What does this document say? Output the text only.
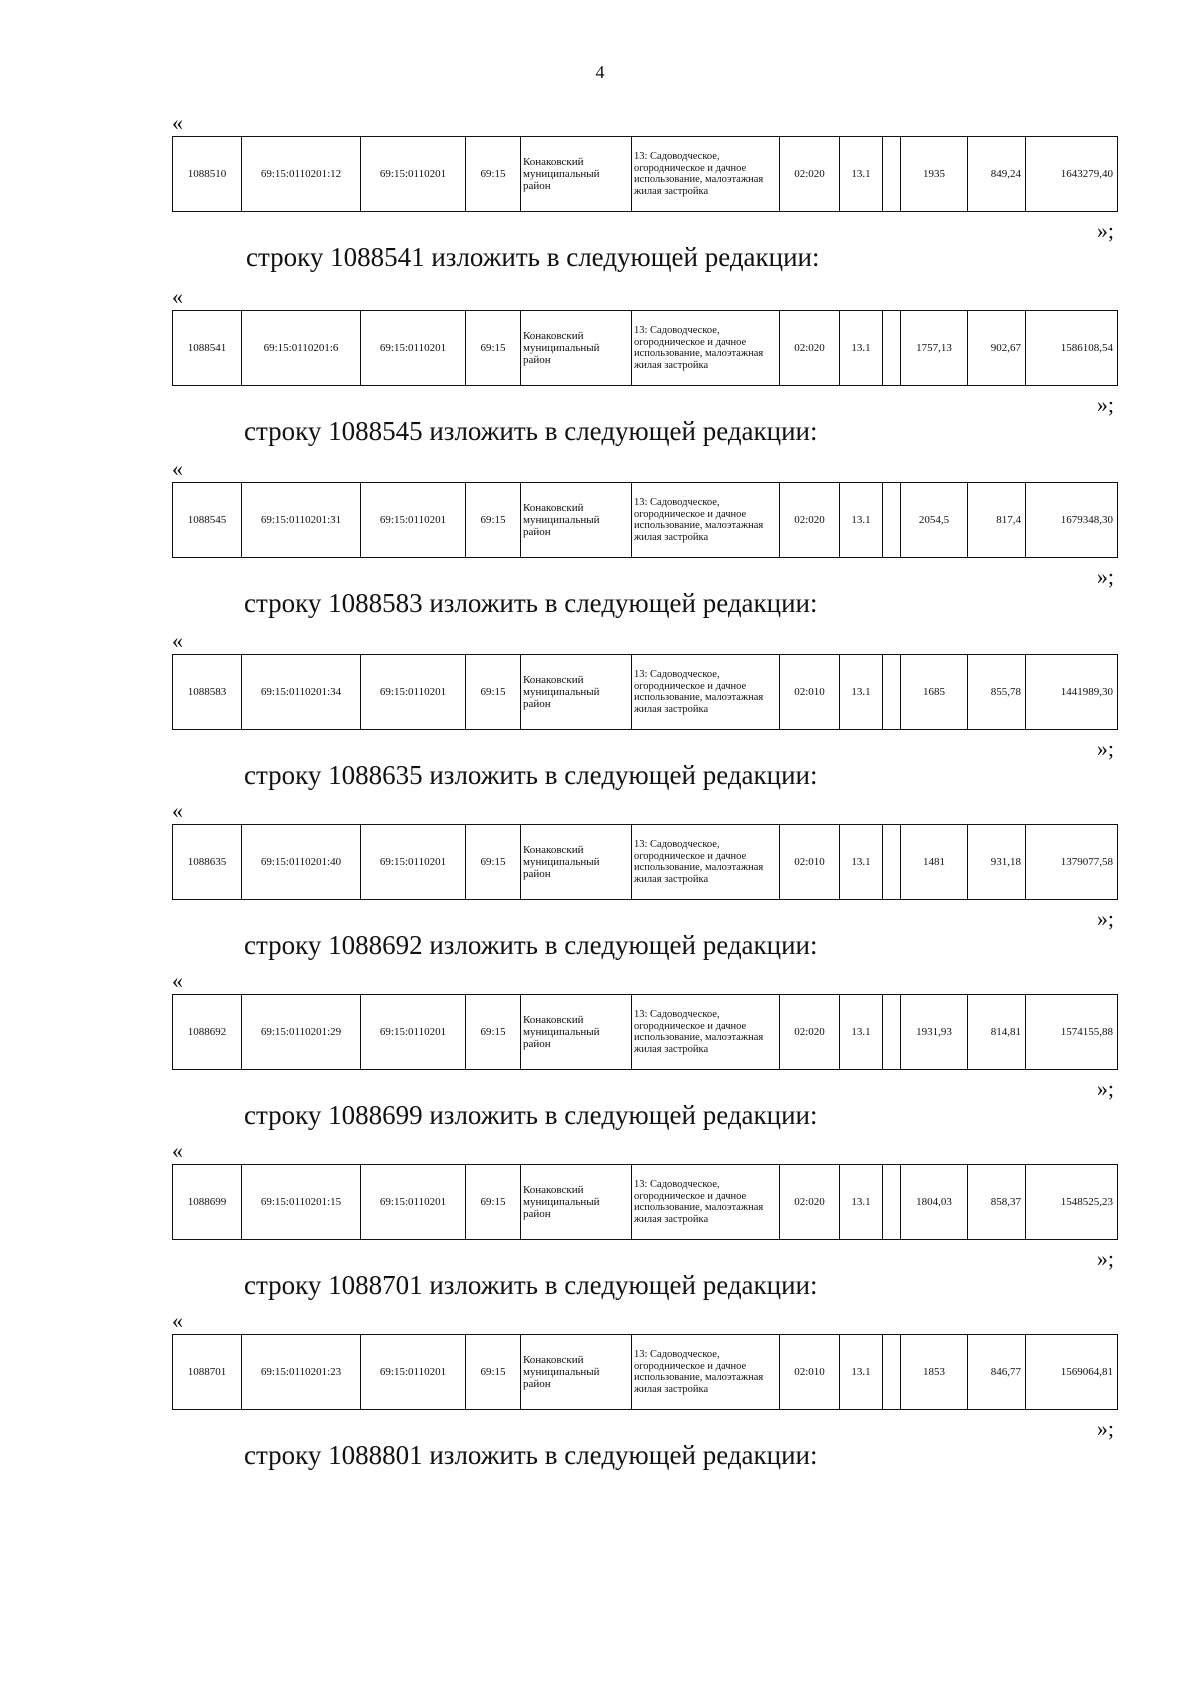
4
«
1088510	69:15:0110201:12	69:15:0110201	69:15	Конаковский муниципальный район	13: Садоводческое, огородническое и дачное использование, малоэтажная жилая застройка	02:020	13.1		1935	849,24	1643279,40
»;
строку 1088541 изложить в следующей редакции:
«
1088541	69:15:0110201:6	69:15:0110201	69:15	Конаковский муниципальный район	13: Садоводческое, огородническое и дачное использование, малоэтажная жилая застройка	02:020	13.1		1757,13	902,67	1586108,54
»;
строку 1088545 изложить в следующей редакции:
«
1088545	69:15:0110201:31	69:15:0110201	69:15	Конаковский муниципальный район	13: Садоводческое, огородническое и дачное использование, малоэтажная жилая застройка	02:020	13.1		2054,5	817,4	1679348,30
»;
строку 1088583 изложить в следующей редакции:
«
1088583	69:15:0110201:34	69:15:0110201	69:15	Конаковский муниципальный район	13: Садоводческое, огородническое и дачное использование, малоэтажная жилая застройка	02:010	13.1		1685	855,78	1441989,30
»;
строку 1088635 изложить в следующей редакции:
«
1088635	69:15:0110201:40	69:15:0110201	69:15	Конаковский муниципальный район	13: Садоводческое, огородническое и дачное использование, малоэтажная жилая застройка	02:010	13.1		1481	931,18	1379077,58
»;
строку 1088692 изложить в следующей редакции:
«
1088692	69:15:0110201:29	69:15:0110201	69:15	Конаковский муниципальный район	13: Садоводческое, огородническое и дачное использование, малоэтажная жилая застройка	02:020	13.1		1931,93	814,81	1574155,88
»;
строку 1088699 изложить в следующей редакции:
«
1088699	69:15:0110201:15	69:15:0110201	69:15	Конаковский муниципальный район	13: Садоводческое, огородническое и дачное использование, малоэтажная жилая застройка	02:020	13.1		1804,03	858,37	1548525,23
»;
строку 1088701 изложить в следующей редакции:
«
1088701	69:15:0110201:23	69:15:0110201	69:15	Конаковский муниципальный район	13: Садоводческое, огородническое и дачное использование, малоэтажная жилая застройка	02:010	13.1		1853	846,77	1569064,81
»;
строку 1088801 изложить в следующей редакции:
